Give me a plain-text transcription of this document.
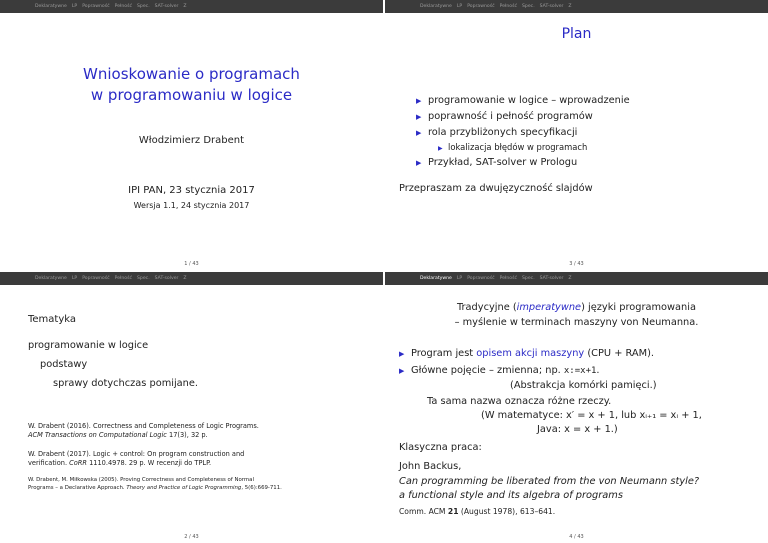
Deklaratywne LP Poprawność Pełność Spec. SAT-solver Z
Wnioskowanie o programach
w programowaniu w logice
Włodzimierz Drabent
IPI PAN, 23 stycznia 2017
Wersja 1.1, 24 stycznia 2017
1 / 43
Deklaratywne LP Poprawność Pełność Spec. SAT-solver Z
Plan
▶ programowanie w logice – wprowadzenie
▶ poprawność i pełność programów
▶ rola przybliżonych specyfikacji
▶ lokalizacja błędów w programach
▶ Przykład, SAT-solver w Prologu
Przepraszam za dwujęzyczność slajdów
3 / 43
Deklaratywne LP Poprawność Pełność Spec. SAT-solver Z
Tematyka
programowanie w logice
podstawy
sprawy dotychczas pomijane.
W. Drabent (2016). Correctness and Completeness of Logic Programs.
ACM Transactions on Computational Logic 17(3), 32 p.
W. Drabent (2017). Logic + control: On program construction and
verification. CoRR 1110.4978. 29 p. W recenzji do TPLP.
W. Drabent, M. Miłkowska (2005). Proving Correctness and Completeness of Normal
Programs – a Declarative Approach. Theory and Practice of Logic Programming, 5(6):669-711.
2 / 43
Deklaratywne LP Poprawność Pełność Spec. SAT-solver Z
Tradycyjne (imperatywne) języki programowania
– myślenie w terminach maszyny von Neumanna.
▶ Program jest opisem akcji maszyny (CPU + RAM).
▶ Główne pojęcie – zmienna; np. x:=x+1.
(Abstrakcja komórki pamięci.)
Ta sama nazwa oznacza różne rzeczy.
(W matematyce: x′ = x + 1, lub xᵢ₊₁ = xᵢ + 1,
Java: x = x + 1.)
Klasyczna praca:
John Backus,
Can programming be liberated from the von Neumann style?
a functional style and its algebra of programs
Comm. ACM 21 (August 1978), 613–641.
4 / 43
